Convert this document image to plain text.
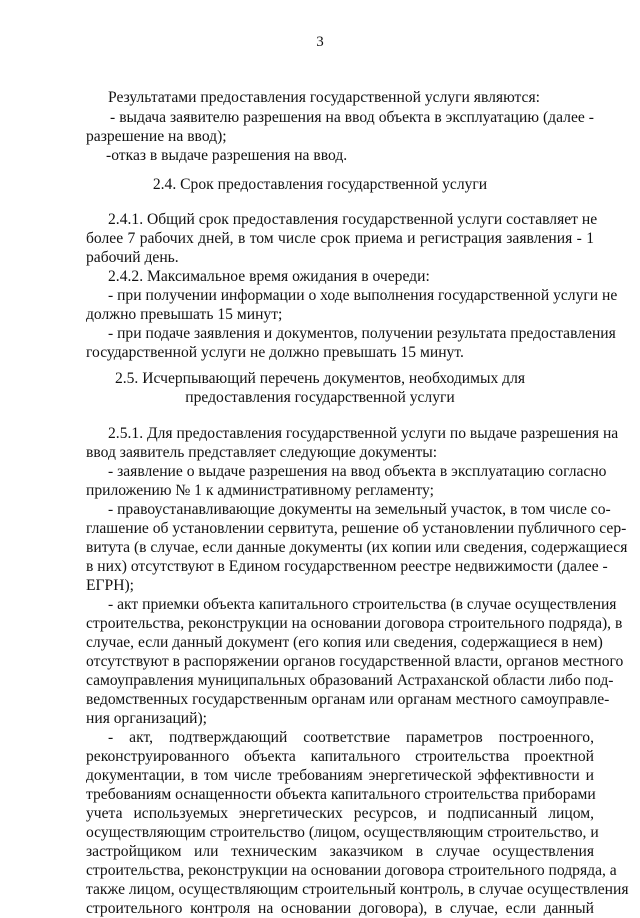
3
Результатами предоставления государственной услуги являются:
- выдача заявителю разрешения на ввод объекта в эксплуатацию (далее -
разрешение на ввод);
-отказ в выдаче разрешения на ввод.
2.4.1. Общий срок предоставления государственной услуги составляет не
более 7 рабочих дней, в том числе срок приема и регистрация заявления - 1
рабочий день.
2.4.2. Максимальное время ожидания в очереди:
- при получении информации о ходе выполнения государственной услуги не
должно превышать 15 минут;
- при подаче заявления и документов, получении результата предоставления
государственной услуги не должно превышать 15 минут.
2.5.1. Для предоставления государственной услуги по выдаче разрешения на
ввод заявитель представляет следующие документы:
- заявление о выдаче разрешения на ввод объекта в эксплуатацию согласно
приложению № 1 к административному регламенту;
- правоустанавливающие документы на земельный участок, в том числе со-
глашение об установлении сервитута, решение об установлении публичного сер-
витута (в случае, если данные документы (их копии или сведения, содержащиеся
в них) отсутствуют в Едином государственном реестре недвижимости (далее -
ЕГРН);
- акт приемки объекта капитального строительства (в случае осуществления
строительства, реконструкции на основании договора строительного подряда), в
случае, если данный документ (его копия или сведения, содержащиеся в нем)
отсутствуют в распоряжении органов государственной власти, органов местного
самоуправления муниципальных образований Астраханской области либо под-
ведомственных государственным органам или органам местного самоуправле-
ния организаций);
- акт, подтверждающий соответствие параметров построенного,
реконструированного объекта капитального строительства проектной
документации, в том числе требованиям энергетической эффективности и
требованиям оснащенности объекта капитального строительства приборами
учета используемых энергетических ресурсов, и подписанный лицом,
осуществляющим строительство (лицом, осуществляющим строительство, и
застройщиком или техническим заказчиком в случае осуществления
строительства, реконструкции на основании договора строительного подряда, а
также лицом, осуществляющим строительный контроль, в случае осуществления
строительного контроля на основании договора), в случае, если данный
2.4. Срок предоставления государственной услуги
2.5. Исчерпывающий перечень документов, необходимых для
предоставления государственной услуги
